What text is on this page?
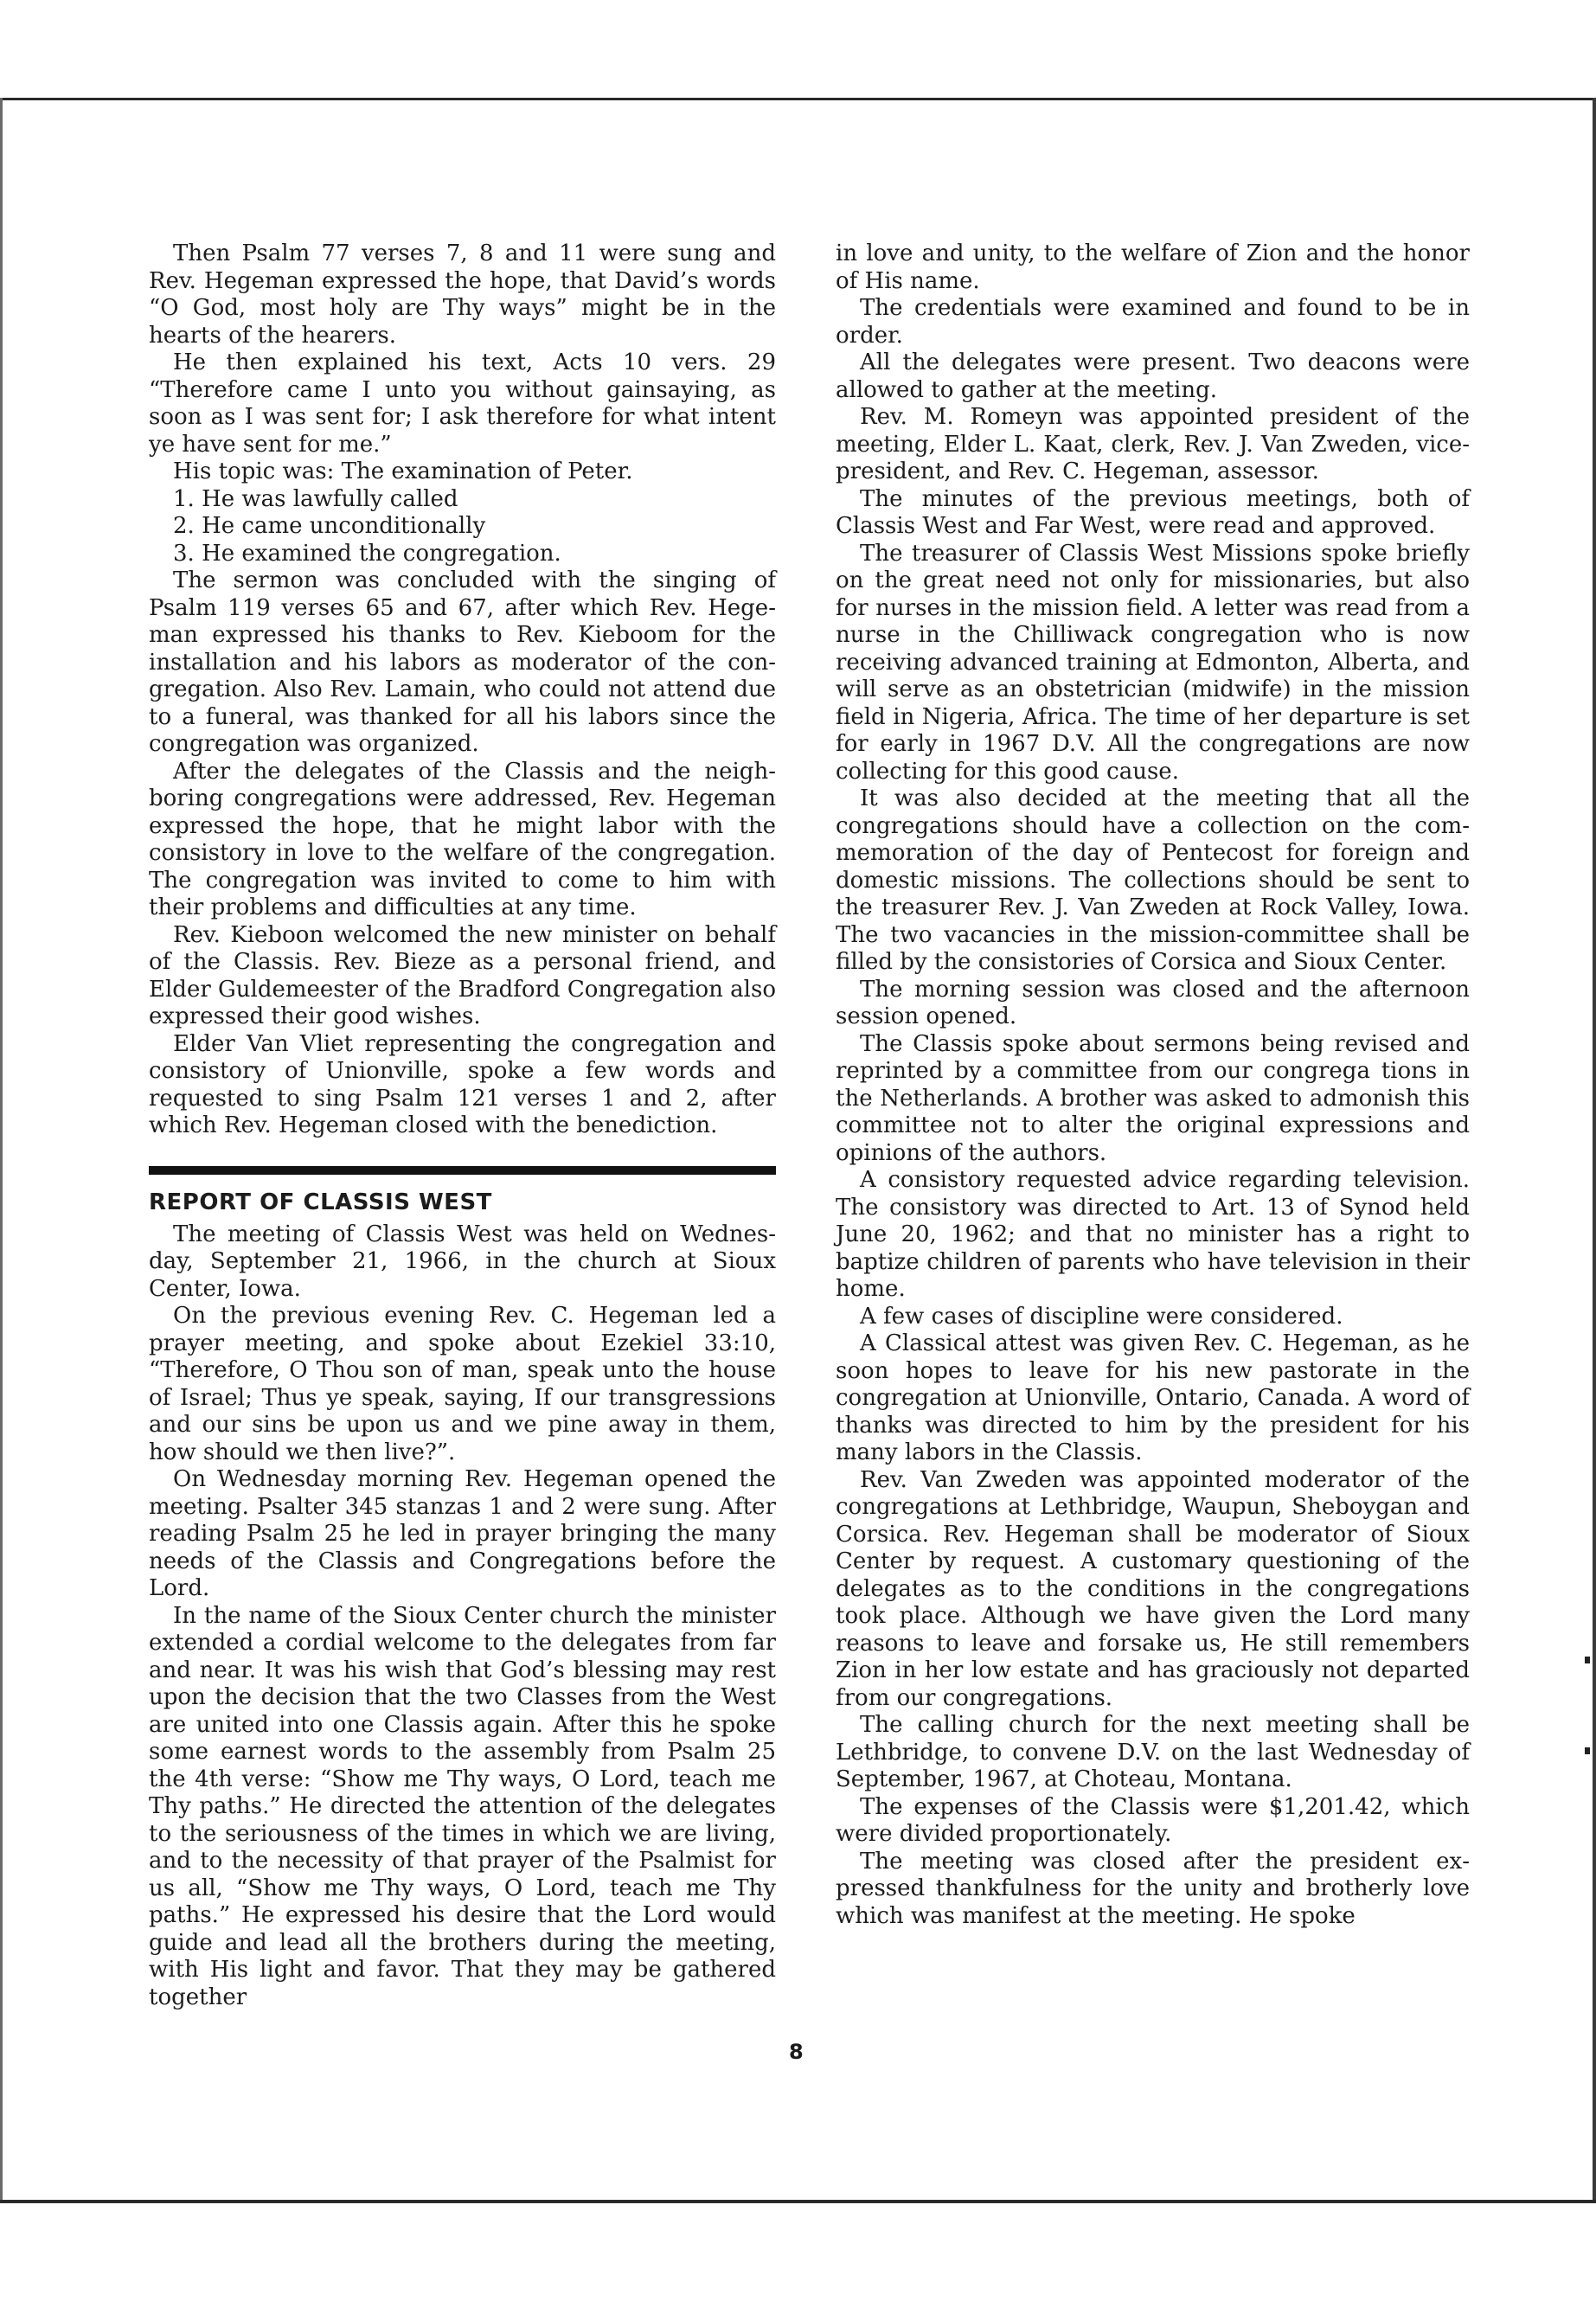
Then Psalm 77 verses 7, 8 and 11 were sung and Rev. Hegeman expressed the hope, that David’s words “O God, most holy are Thy ways” might be in the hearts of the hearers.

He then explained his text, Acts 10 vers. 29 “Therefore came I unto you without gainsaying, as soon as I was sent for; I ask therefore for what intent ye have sent for me.”

His topic was: The examination of Peter.

1. He was lawfully called

2. He came unconditionally

3. He examined the congregation.

The sermon was concluded with the singing of Psalm 119 verses 65 and 67, after which Rev. Hegeman expressed his thanks to Rev. Kieboom for the installation and his labors as moderator of the congregation. Also Rev. Lamain, who could not attend due to a funeral, was thanked for all his labors since the congregation was organized.

After the delegates of the Classis and the neighboring congregations were addressed, Rev. Hegeman expressed the hope, that he might labor with the consistory in love to the welfare of the congregation. The congregation was invited to come to him with their problems and difficulties at any time.

Rev. Kieboon welcomed the new minister on behalf of the Classis. Rev. Bieze as a personal friend, and Elder Guldemeester of the Bradford Congregation also expressed their good wishes.

Elder Van Vliet representing the congregation and consistory of Unionville, spoke a few words and requested to sing Psalm 121 verses 1 and 2, after which Rev. Hegeman closed with the benediction.

REPORT OF CLASSIS WEST

The meeting of Classis West was held on Wednesday, September 21, 1966, in the church at Sioux Center, Iowa.

On the previous evening Rev. C. Hegeman led a prayer meeting, and spoke about Ezekiel 33:10, “Therefore, O Thou son of man, speak unto the house of Israel; Thus ye speak, saying, If our transgressions and our sins be upon us and we pine away in them, how should we then live?”.

On Wednesday morning Rev. Hegeman opened the meeting. Psalter 345 stanzas 1 and 2 were sung. After reading Psalm 25 he led in prayer bringing the many needs of the Classis and Congregations before the Lord.

In the name of the Sioux Center church the minister extended a cordial welcome to the delegates from far and near. It was his wish that God’s blessing may rest upon the decision that the two Classes from the West are united into one Classis again. After this he spoke some earnest words to the assembly from Psalm 25 the 4th verse: “Show me Thy ways, O Lord, teach me Thy paths.” He directed the attention of the delegates to the seriousness of the times in which we are living, and to the necessity of that prayer of the Psalmist for us all, “Show me Thy ways, O Lord, teach me Thy paths.” He expressed his desire that the Lord would guide and lead all the brothers during the meeting, with His light and favor. That they may be gathered together

in love and unity, to the welfare of Zion and the honor of His name.

The credentials were examined and found to be in order.

All the delegates were present. Two deacons were allowed to gather at the meeting.

Rev. M. Romeyn was appointed president of the meeting, Elder L. Kaat, clerk, Rev. J. Van Zweden, vice-president, and Rev. C. Hegeman, assessor.

The minutes of the previous meetings, both of Classis West and Far West, were read and approved.

The treasurer of Classis West Missions spoke briefly on the great need not only for missionaries, but also for nurses in the mission field. A letter was read from a nurse in the Chilliwack congregation who is now receiving advanced training at Edmonton, Alberta, and will serve as an obstetrician (midwife) in the mission field in Nigeria, Africa. The time of her departure is set for early in 1967 D.V. All the congregations are now collecting for this good cause.

It was also decided at the meeting that all the congregations should have a collection on the commemoration of the day of Pentecost for foreign and domestic missions. The collections should be sent to the treasurer Rev. J. Van Zweden at Rock Valley, Iowa. The two vacancies in the mission-committee shall be filled by the consistories of Corsica and Sioux Center.

The morning session was closed and the afternoon session opened.

The Classis spoke about sermons being revised and reprinted by a committee from our congrega tions in the Netherlands. A brother was asked to admonish this committee not to alter the original expressions and opinions of the authors.

A consistory requested advice regarding television. The consistory was directed to Art. 13 of Synod held June 20, 1962; and that no minister has a right to baptize children of parents who have television in their home.

A few cases of discipline were considered.

A Classical attest was given Rev. C. Hegeman, as he soon hopes to leave for his new pastorate in the congregation at Unionville, Ontario, Canada. A word of thanks was directed to him by the president for his many labors in the Classis.

Rev. Van Zweden was appointed moderator of the congregations at Lethbridge, Waupun, Sheboygan and Corsica. Rev. Hegeman shall be moderator of Sioux Center by request. A customary questioning of the delegates as to the conditions in the congregations took place. Although we have given the Lord many reasons to leave and forsake us, He still remembers Zion in her low estate and has graciously not departed from our congregations.

The calling church for the next meeting shall be Lethbridge, to convene D.V. on the last Wednesday of September, 1967, at Choteau, Montana.

The expenses of the Classis were $1,201.42, which were divided proportionately.

The meeting was closed after the president expressed thankfulness for the unity and brotherly love which was manifest at the meeting. He spoke

8
